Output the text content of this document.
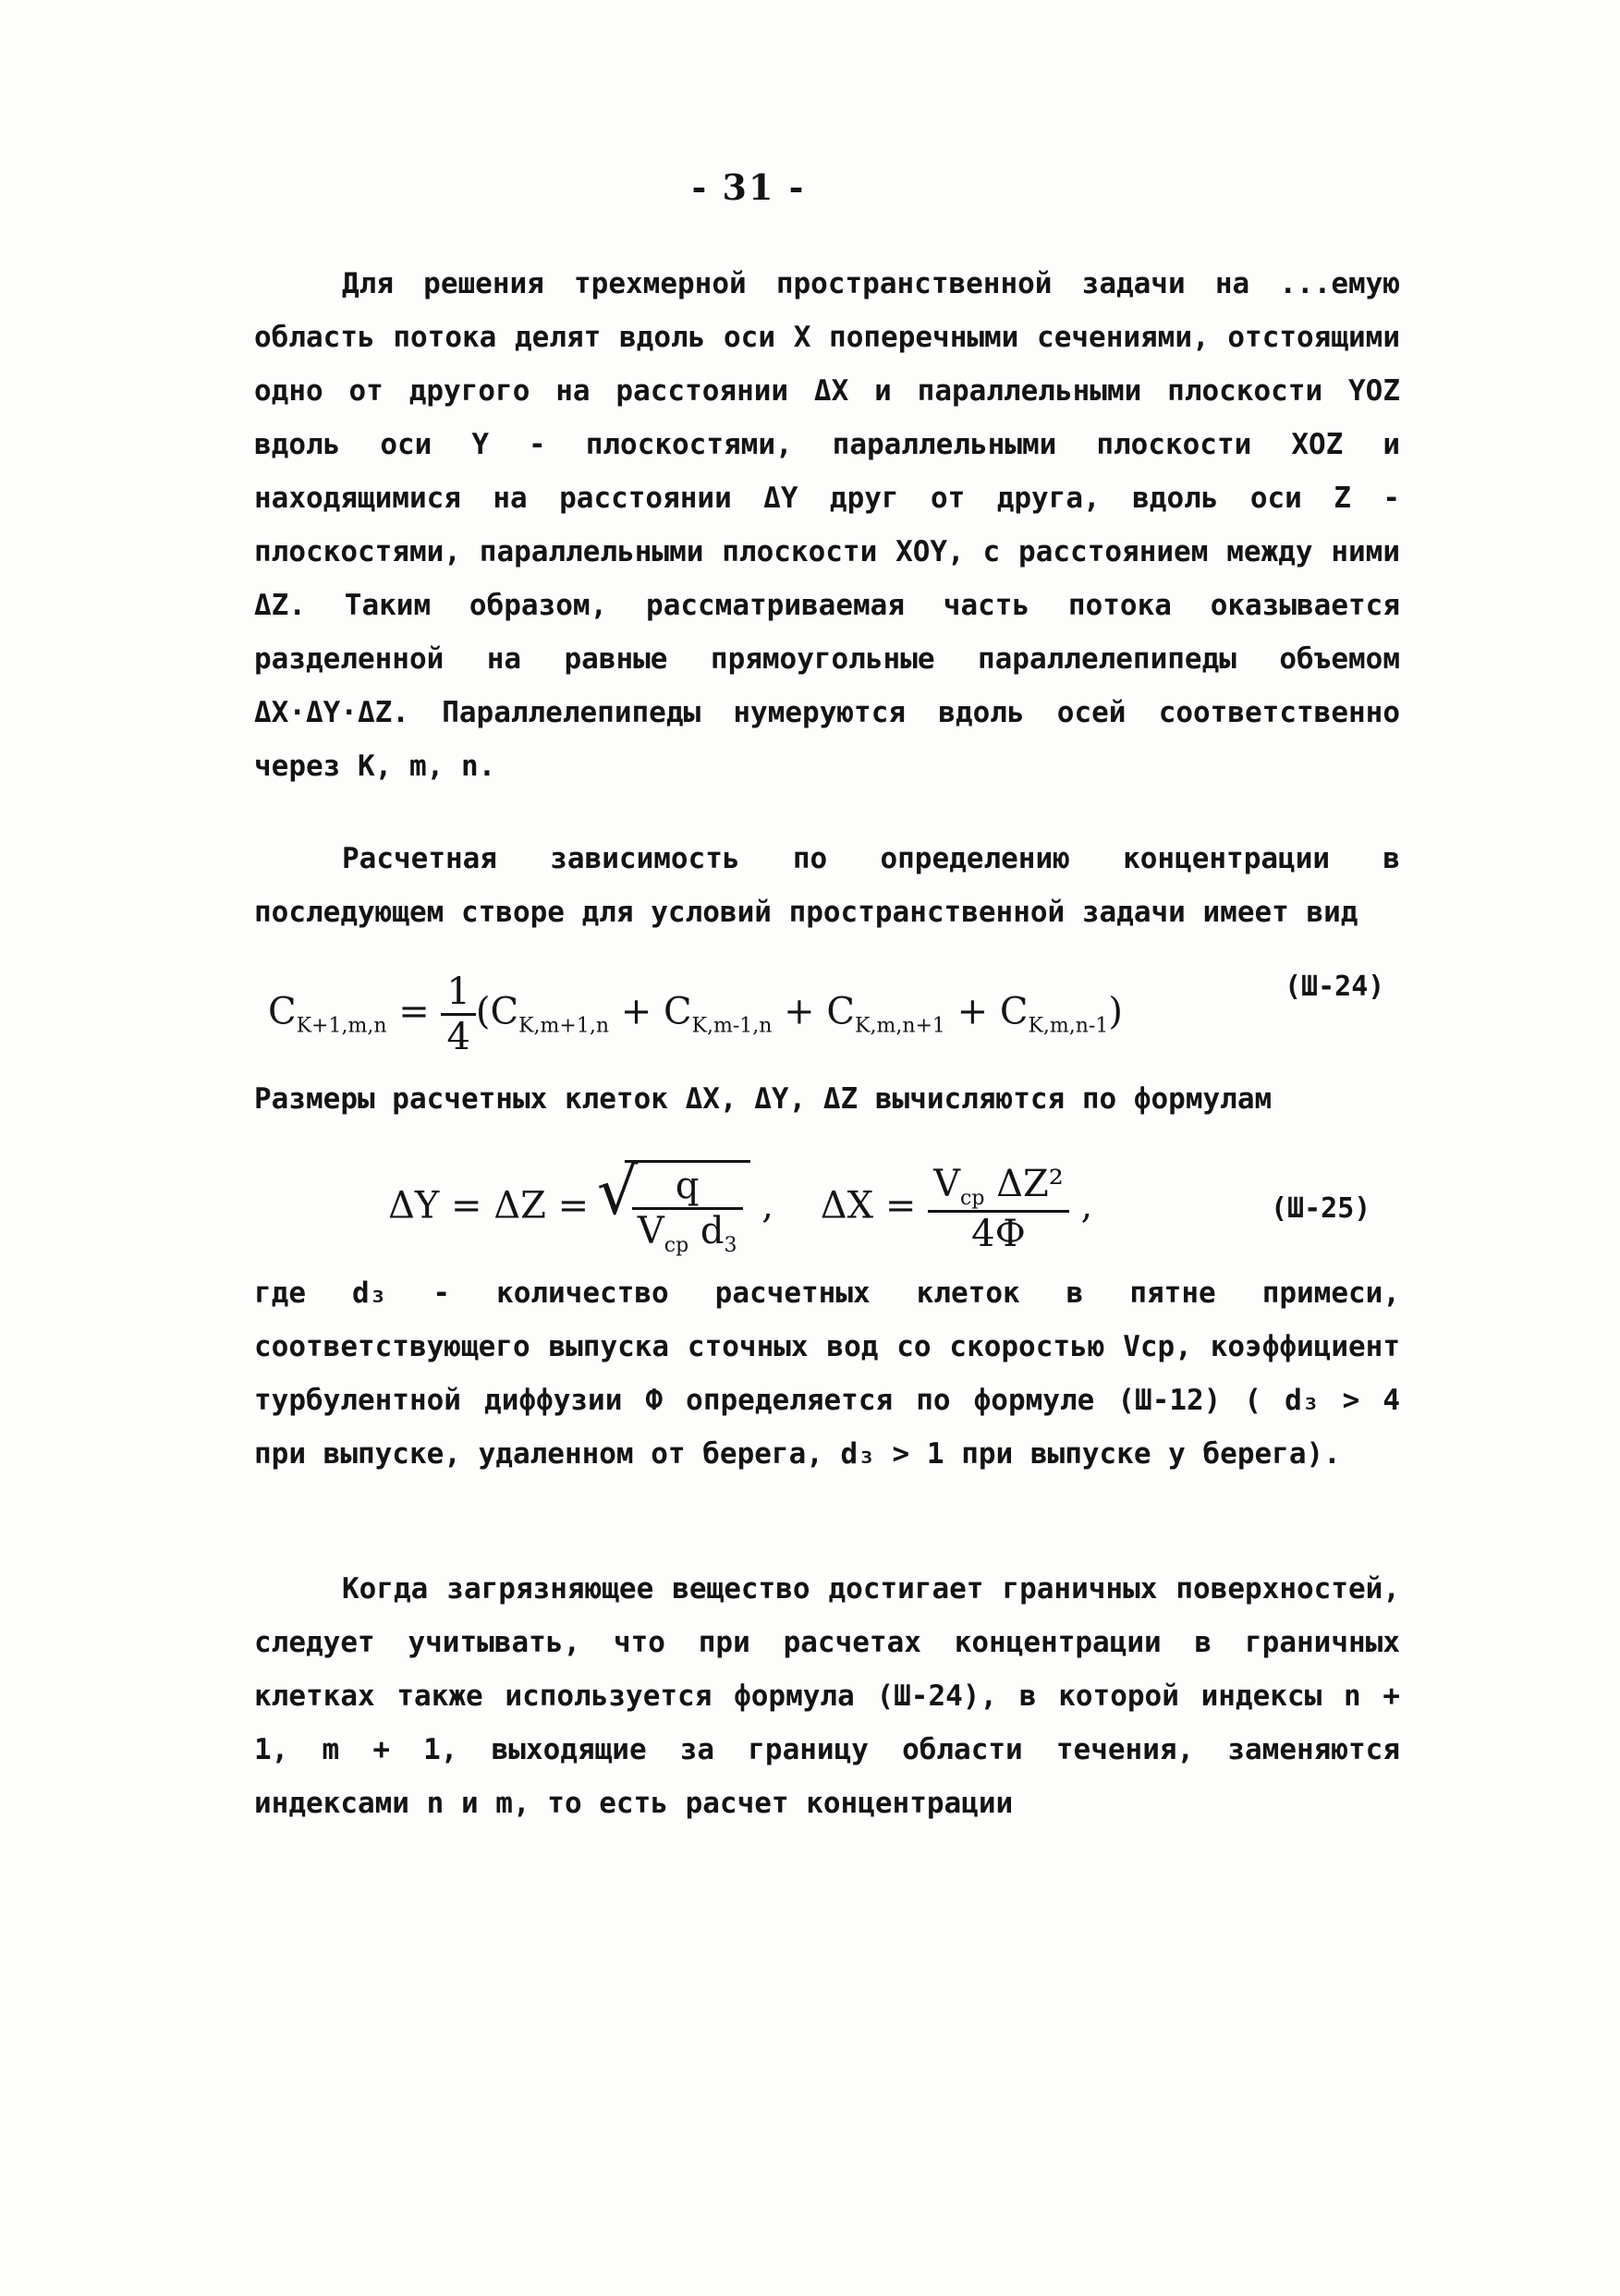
- 31 -
Для решения трехмерной пространственной задачи на ...емую область потока делят вдоль оси X поперечными сечениями, отстоящими одно от другого на расстоянии ΔX и параллельными плоскости YOZ вдоль оси Y - плоскостями, параллельными плоскости XOZ и находящимися на расстоянии ΔY друг от друга, вдоль оси Z - плоскостями, параллельными плоскости XOY, с расстоянием между ними ΔZ. Таким образом, рассматриваемая часть потока оказывается разделенной на равные прямоугольные параллелепипеды объемом ΔX·ΔY·ΔZ. Параллелепипеды нумеруются вдоль осей соответственно через К, m, n.
Расчетная зависимость по определению концентрации в последующем створе для условий пространственной задачи имеет вид
$C_{K+1,m,n} = \frac{1}{4} (C_{K,m+1,n} + C_{K,m-1,n} + C_{K,m,n+1} + C_{K,m,n-1})$
(Ш-24)
Размеры расчетных клеток ΔX, ΔY, ΔZ вычисляются по формулам
ΔY = ΔZ =
√ $\frac{q}{V_{ср} d_3}$ ,    $\Delta X = \frac{V_{ср} \Delta Z^2}{4Ф}$ ,	(Ш-25)
где d₃ - количество расчетных клеток в пятне примеси, соответствующего выпуска сточных вод со скоростью Vср, коэффициент турбулентной диффузии Ф определяется по формуле (Ш-12) ( d₃ > 4 при выпуске, удаленном от берега, d₃ > 1 при выпуске у берега).
Когда загрязняющее вещество достигает граничных поверхностей, следует учитывать, что при расчетах концентрации в граничных клетках также используется формула (Ш-24), в которой индексы n + 1, m + 1, выходящие за границу области течения, заменяются индексами n и m, то есть расчет концентрации
